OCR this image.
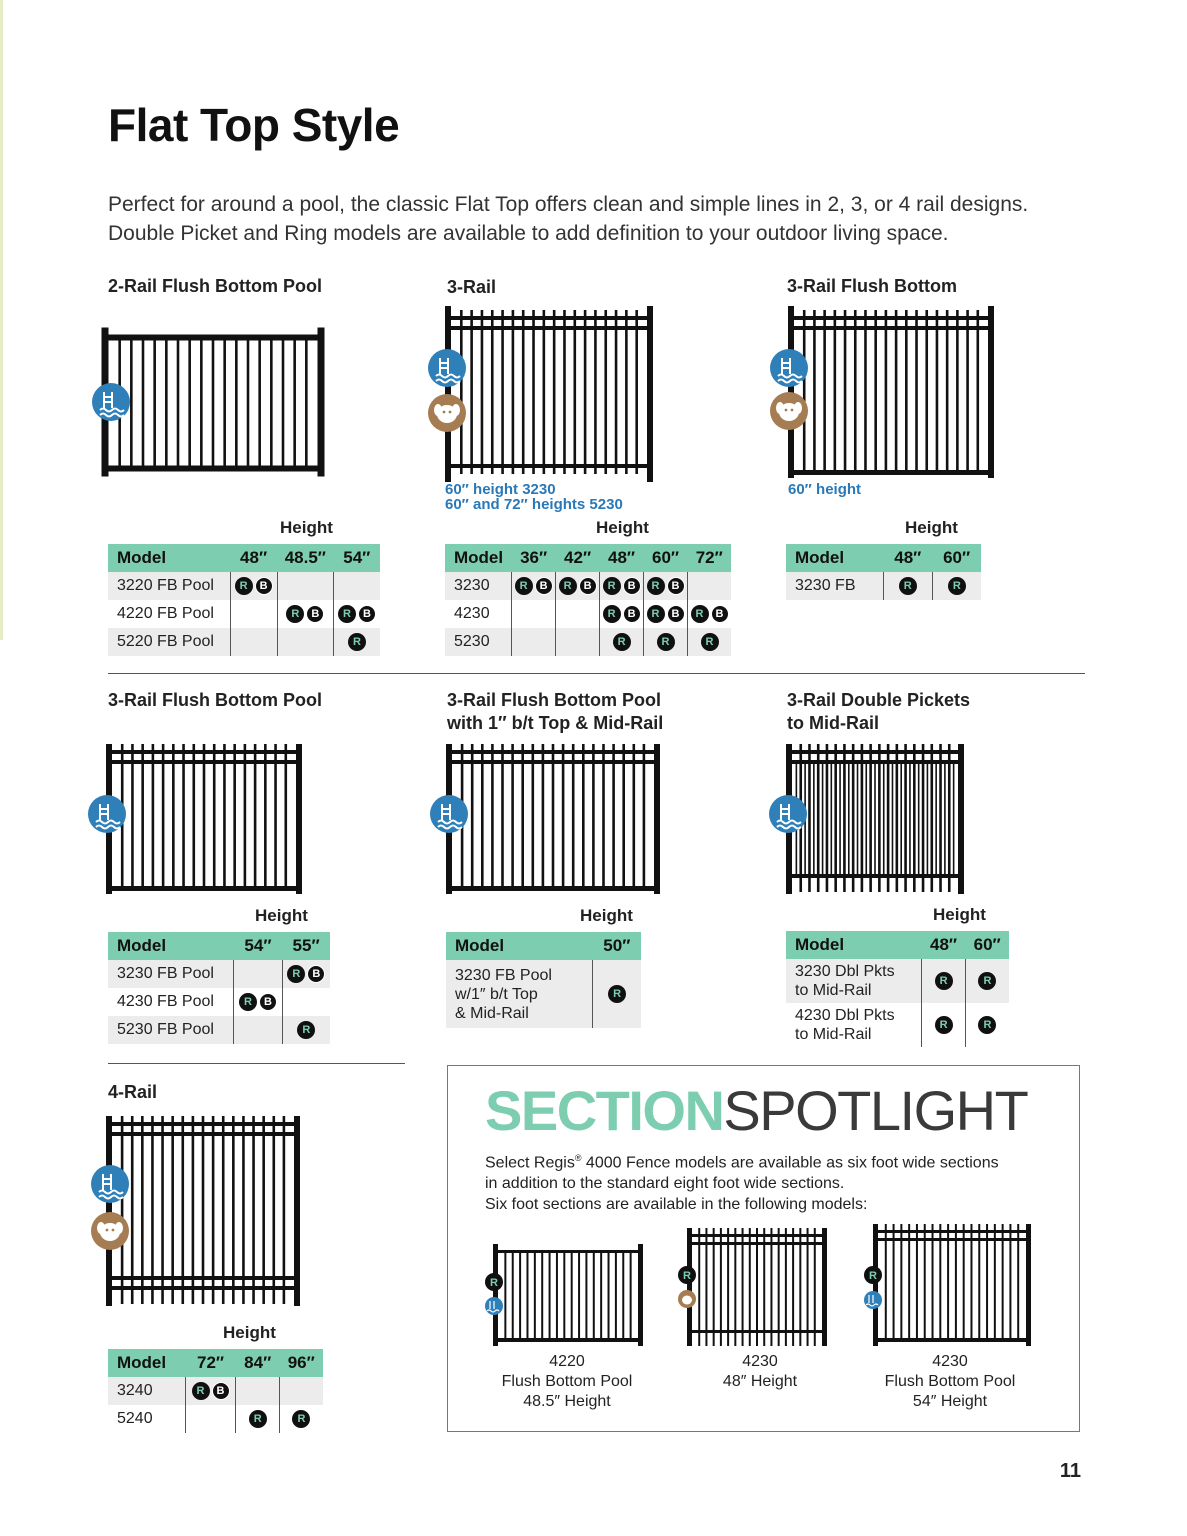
Flat Top Style
Perfect for around a pool, the classic Flat Top offers clean and simple lines in 2, 3, or 4 rail designs.
Double Picket and Ring models are available to add definition to your outdoor living space.
2-Rail Flush Bottom Pool
Height
Model	48″	48.5″	54″
3220 FB Pool	R B		
4220 FB Pool		R B	R B
5220 FB Pool			R
3-Rail
60″ height 3230
60″ and 72″ heights 5230
Height
Model	36″	42″	48″	60″	72″
3230	R B	R B	R B	R B	
4230			R B	R B	R B
5230			R	R	R
3-Rail Flush Bottom
60″ height
Height
Model	48″	60″
3230 FB	R	R
3-Rail Flush Bottom Pool
Height
Model	54″	55″
3230 FB Pool		R B
4230 FB Pool	R B	
5230 FB Pool		R
3-Rail Flush Bottom Pool
with 1″ b/t Top & Mid-Rail
Height
Model	50″

3230 FB Pool
w/1″ b/t Top
& Mid-Rail	R
3-Rail Double Pickets
to Mid-Rail
Height
Model	48″	60″

3230 Dbl Pkts
to Mid-Rail	R	R

4230 Dbl Pkts
to Mid-Rail	R	R
4-Rail
Height
Model	72″	84″	96″
3240	R B		
5240		R	R
SECTIONSPOTLIGHT
Select Regis® 4000 Fence models are available as six foot wide sections
in addition to the standard eight foot wide sections.
Six foot sections are available in the following models:
R
R	R
4220
Flush Bottom Pool
48.5″ Height
4230
48″ Height
4230
Flush Bottom Pool
54″ Height
11
